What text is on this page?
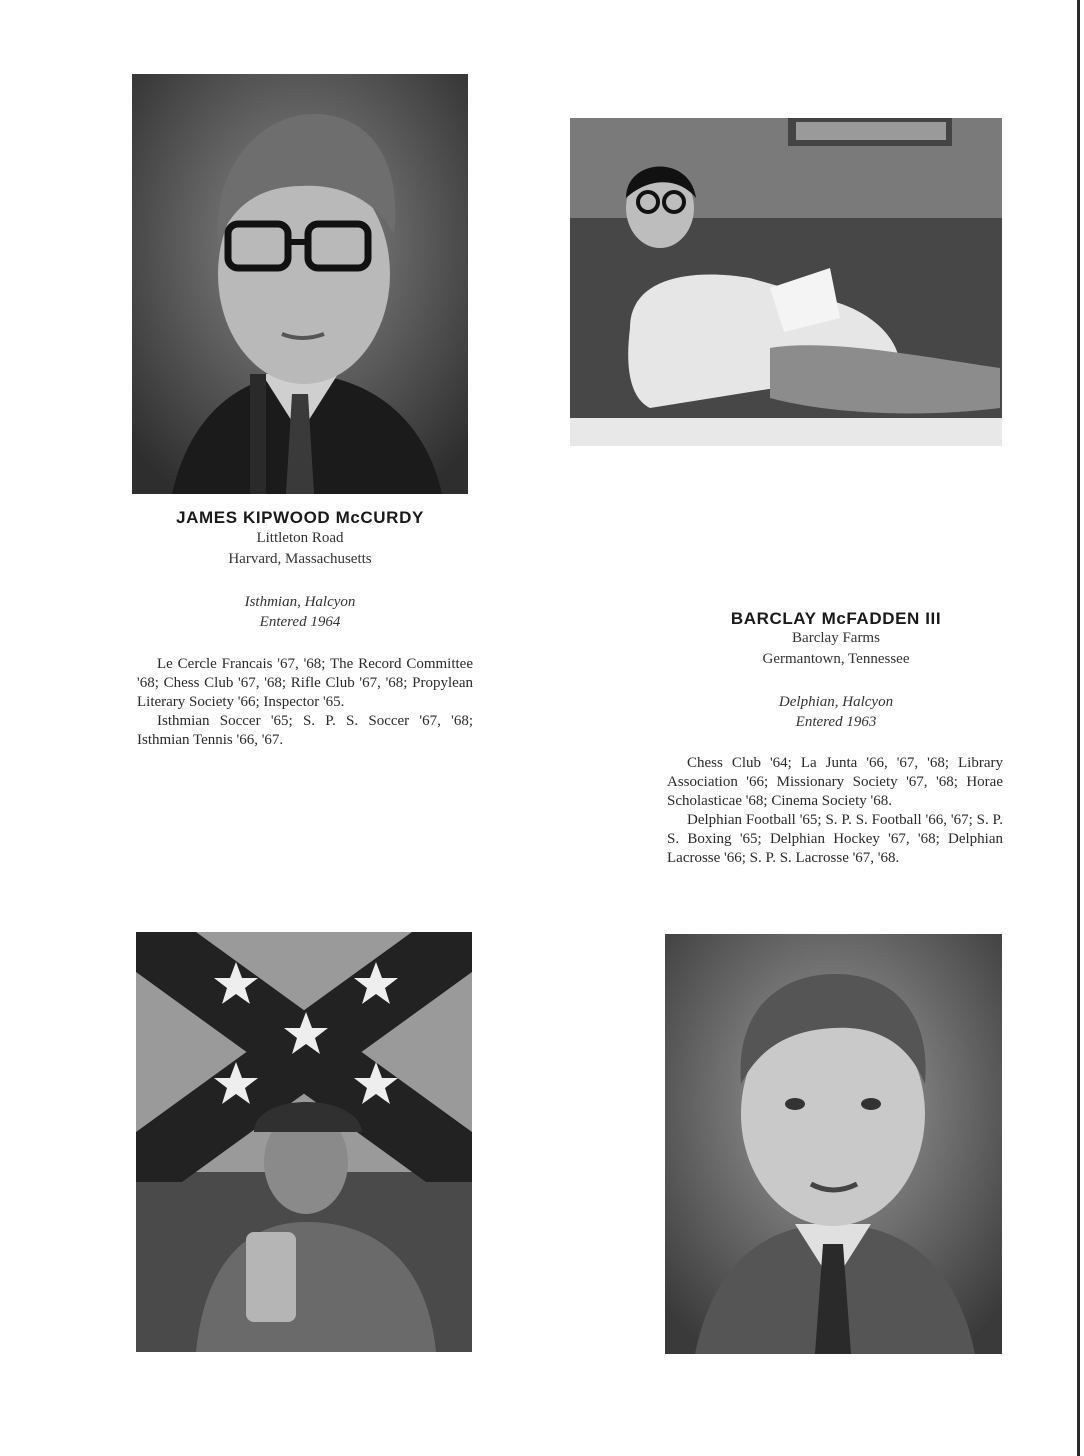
JAMES KIPWOOD McCURDY
Littleton Road
Harvard, Massachusetts
Isthmian, Halcyon
Entered 1964

Le Cercle Francais '67, '68; The Record Committee '68; Chess Club '67, '68; Rifle Club '67, '68; Propylean Literary Society '66; Inspector '65.

Isthmian Soccer '65; S. P. S. Soccer '67, '68; Isthmian Tennis '66, '67.

BARCLAY McFADDEN III
Barclay Farms
Germantown, Tennessee
Delphian, Halcyon
Entered 1963

Chess Club '64; La Junta '66, '67, '68; Library Association '66; Missionary Society '67, '68; Horae Scholasticae '68; Cinema Society '68.

Delphian Football '65; S. P. S. Football '66, '67; S. P. S. Boxing '65; Delphian Hockey '67, '68; Delphian Lacrosse '66; S. P. S. Lacrosse '67, '68.
